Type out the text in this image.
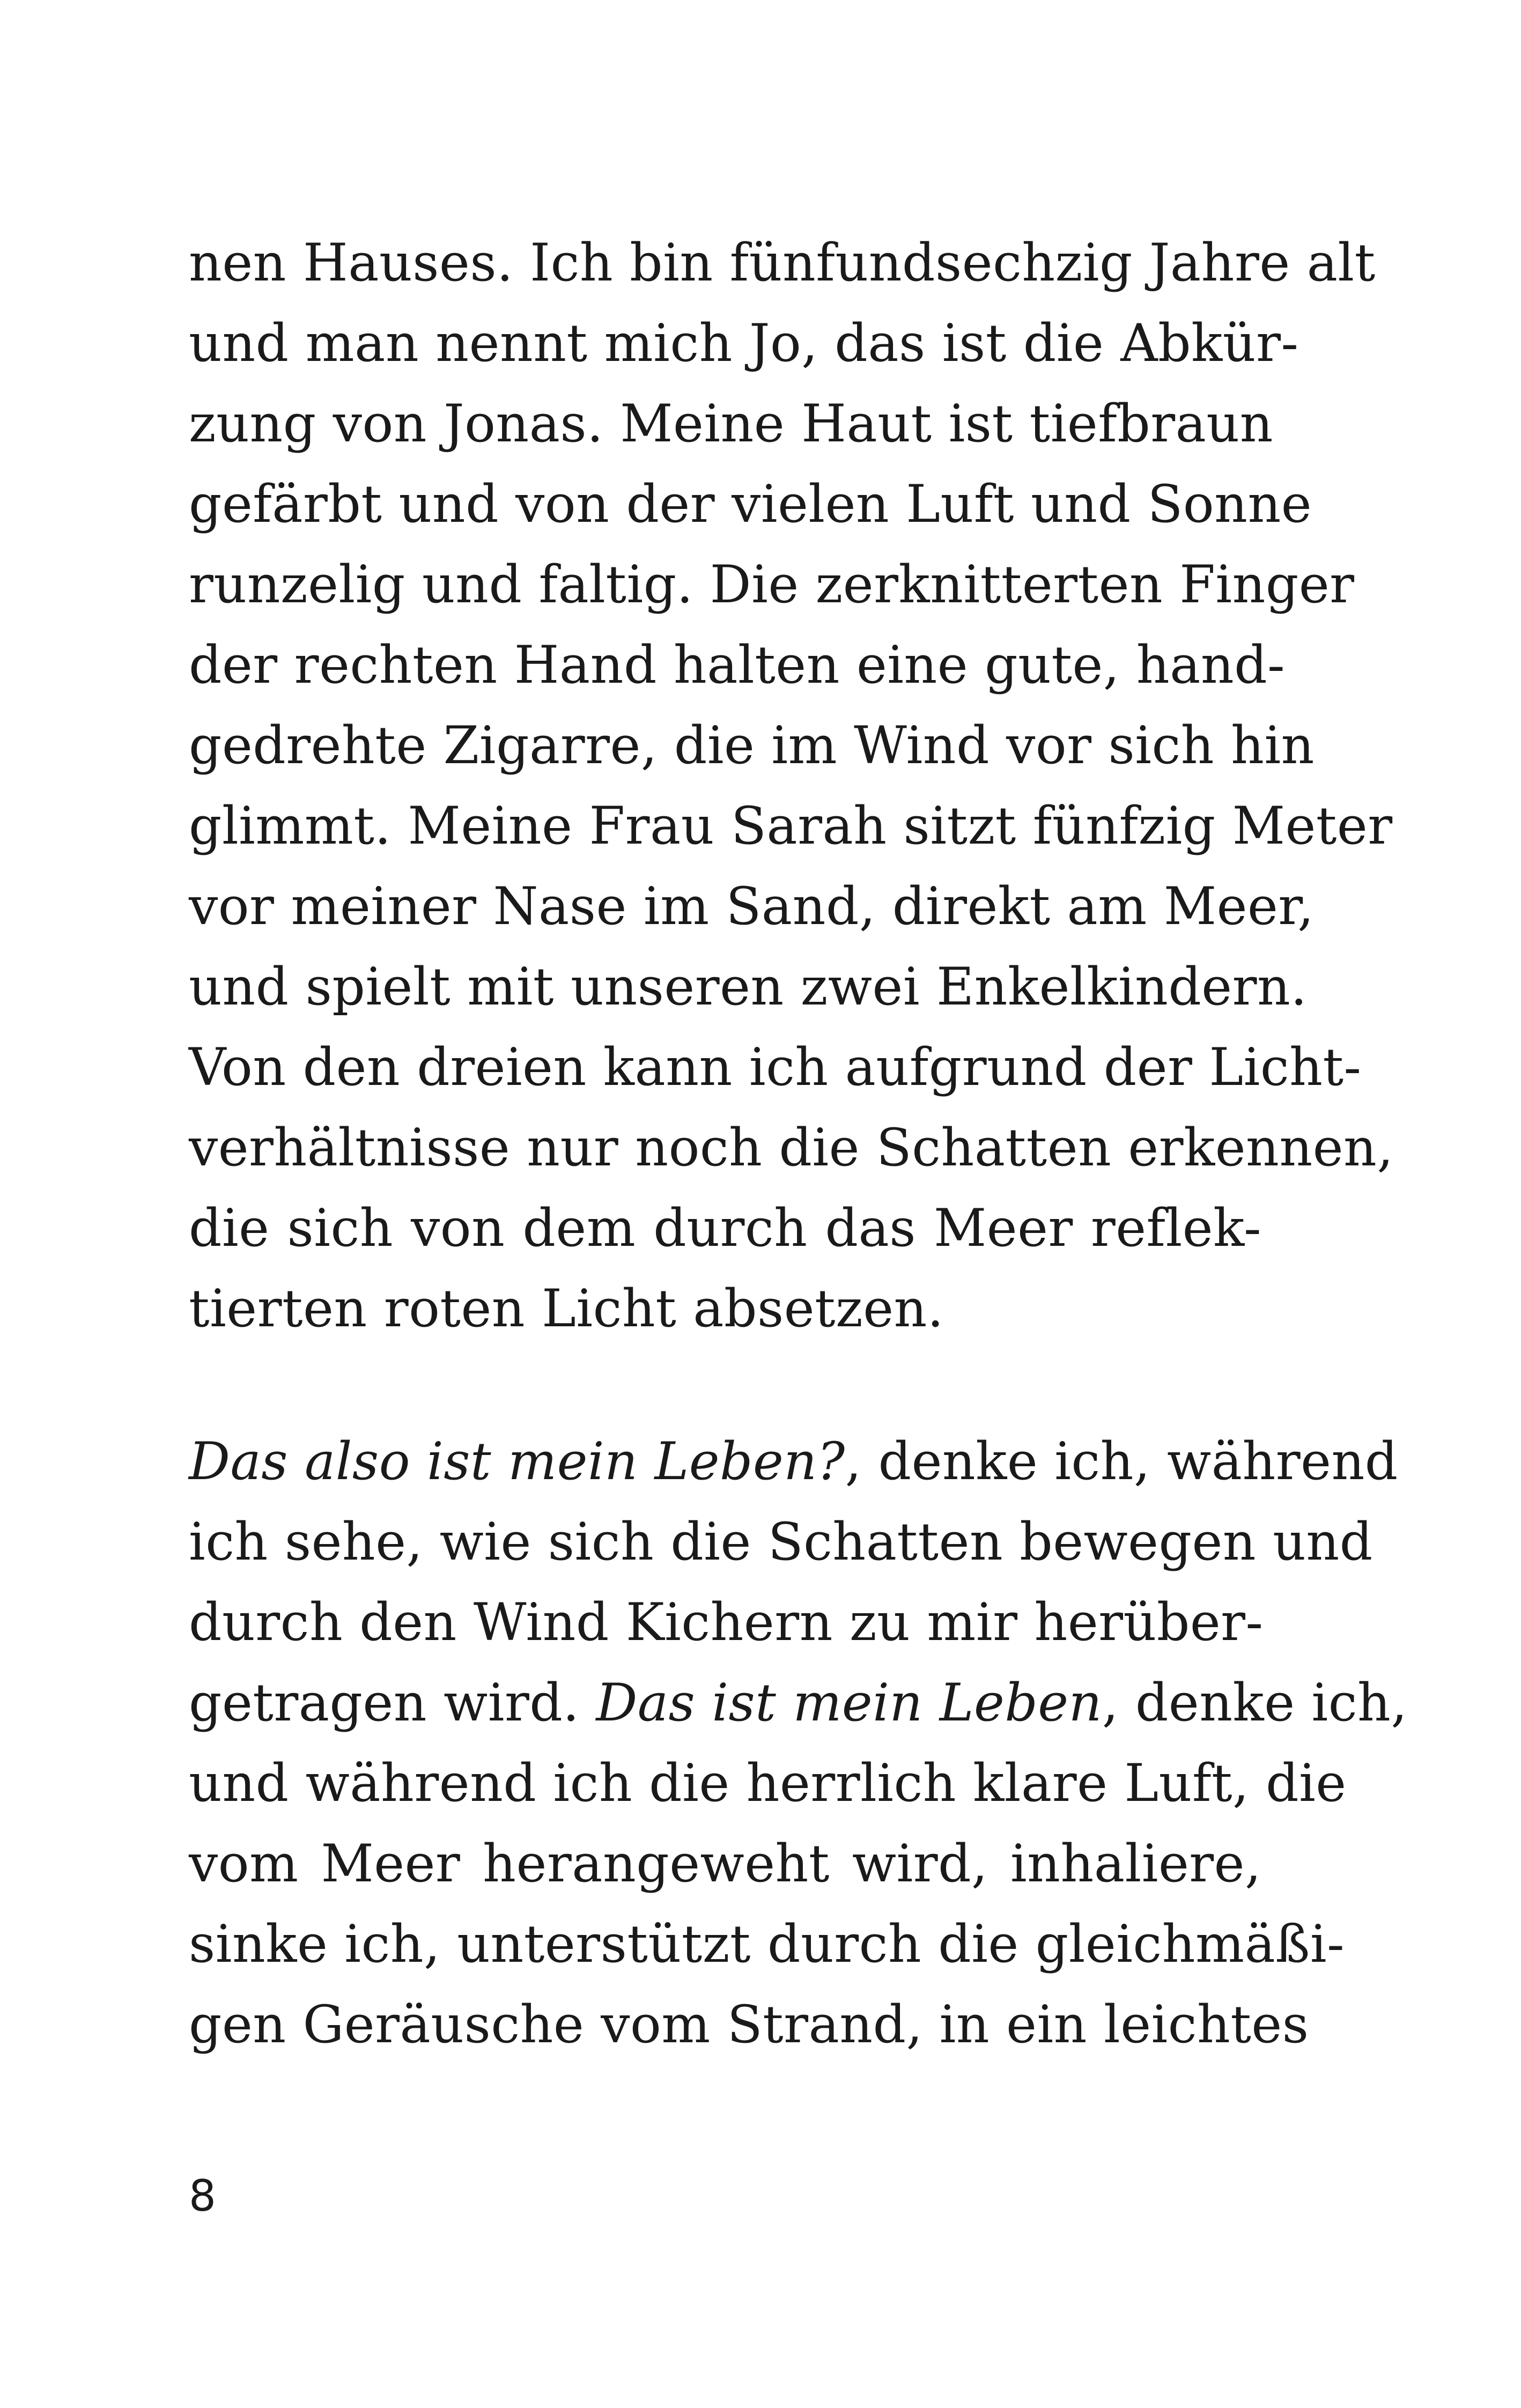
nen Hauses. Ich bin fünfundsechzig Jahre alt
und man nennt mich Jo, das ist die Abkür-
zung von Jonas. Meine Haut ist tiefbraun
gefärbt und von der vielen Luft und Sonne
runzelig und faltig. Die zerknitterten Finger
der rechten Hand halten eine gute, hand-
gedrehte Zigarre, die im Wind vor sich hin
glimmt. Meine Frau Sarah sitzt fünfzig Meter
vor meiner Nase im Sand, direkt am Meer,
und spielt mit unseren zwei Enkelkindern.
Von den dreien kann ich aufgrund der Licht-
verhältnisse nur noch die Schatten erkennen,
die sich von dem durch das Meer reflek-
tierten roten Licht absetzen.
Das also ist mein Leben?, denke ich, während
ich sehe, wie sich die Schatten bewegen und
durch den Wind Kichern zu mir herüber-
getragen wird. Das ist mein Leben, denke ich,
und während ich die herrlich klare Luft, die
vom Meer herangeweht wird, inhaliere,
sinke ich, unterstützt durch die gleichmäßi-
gen Geräusche vom Strand, in ein leichtes
8
